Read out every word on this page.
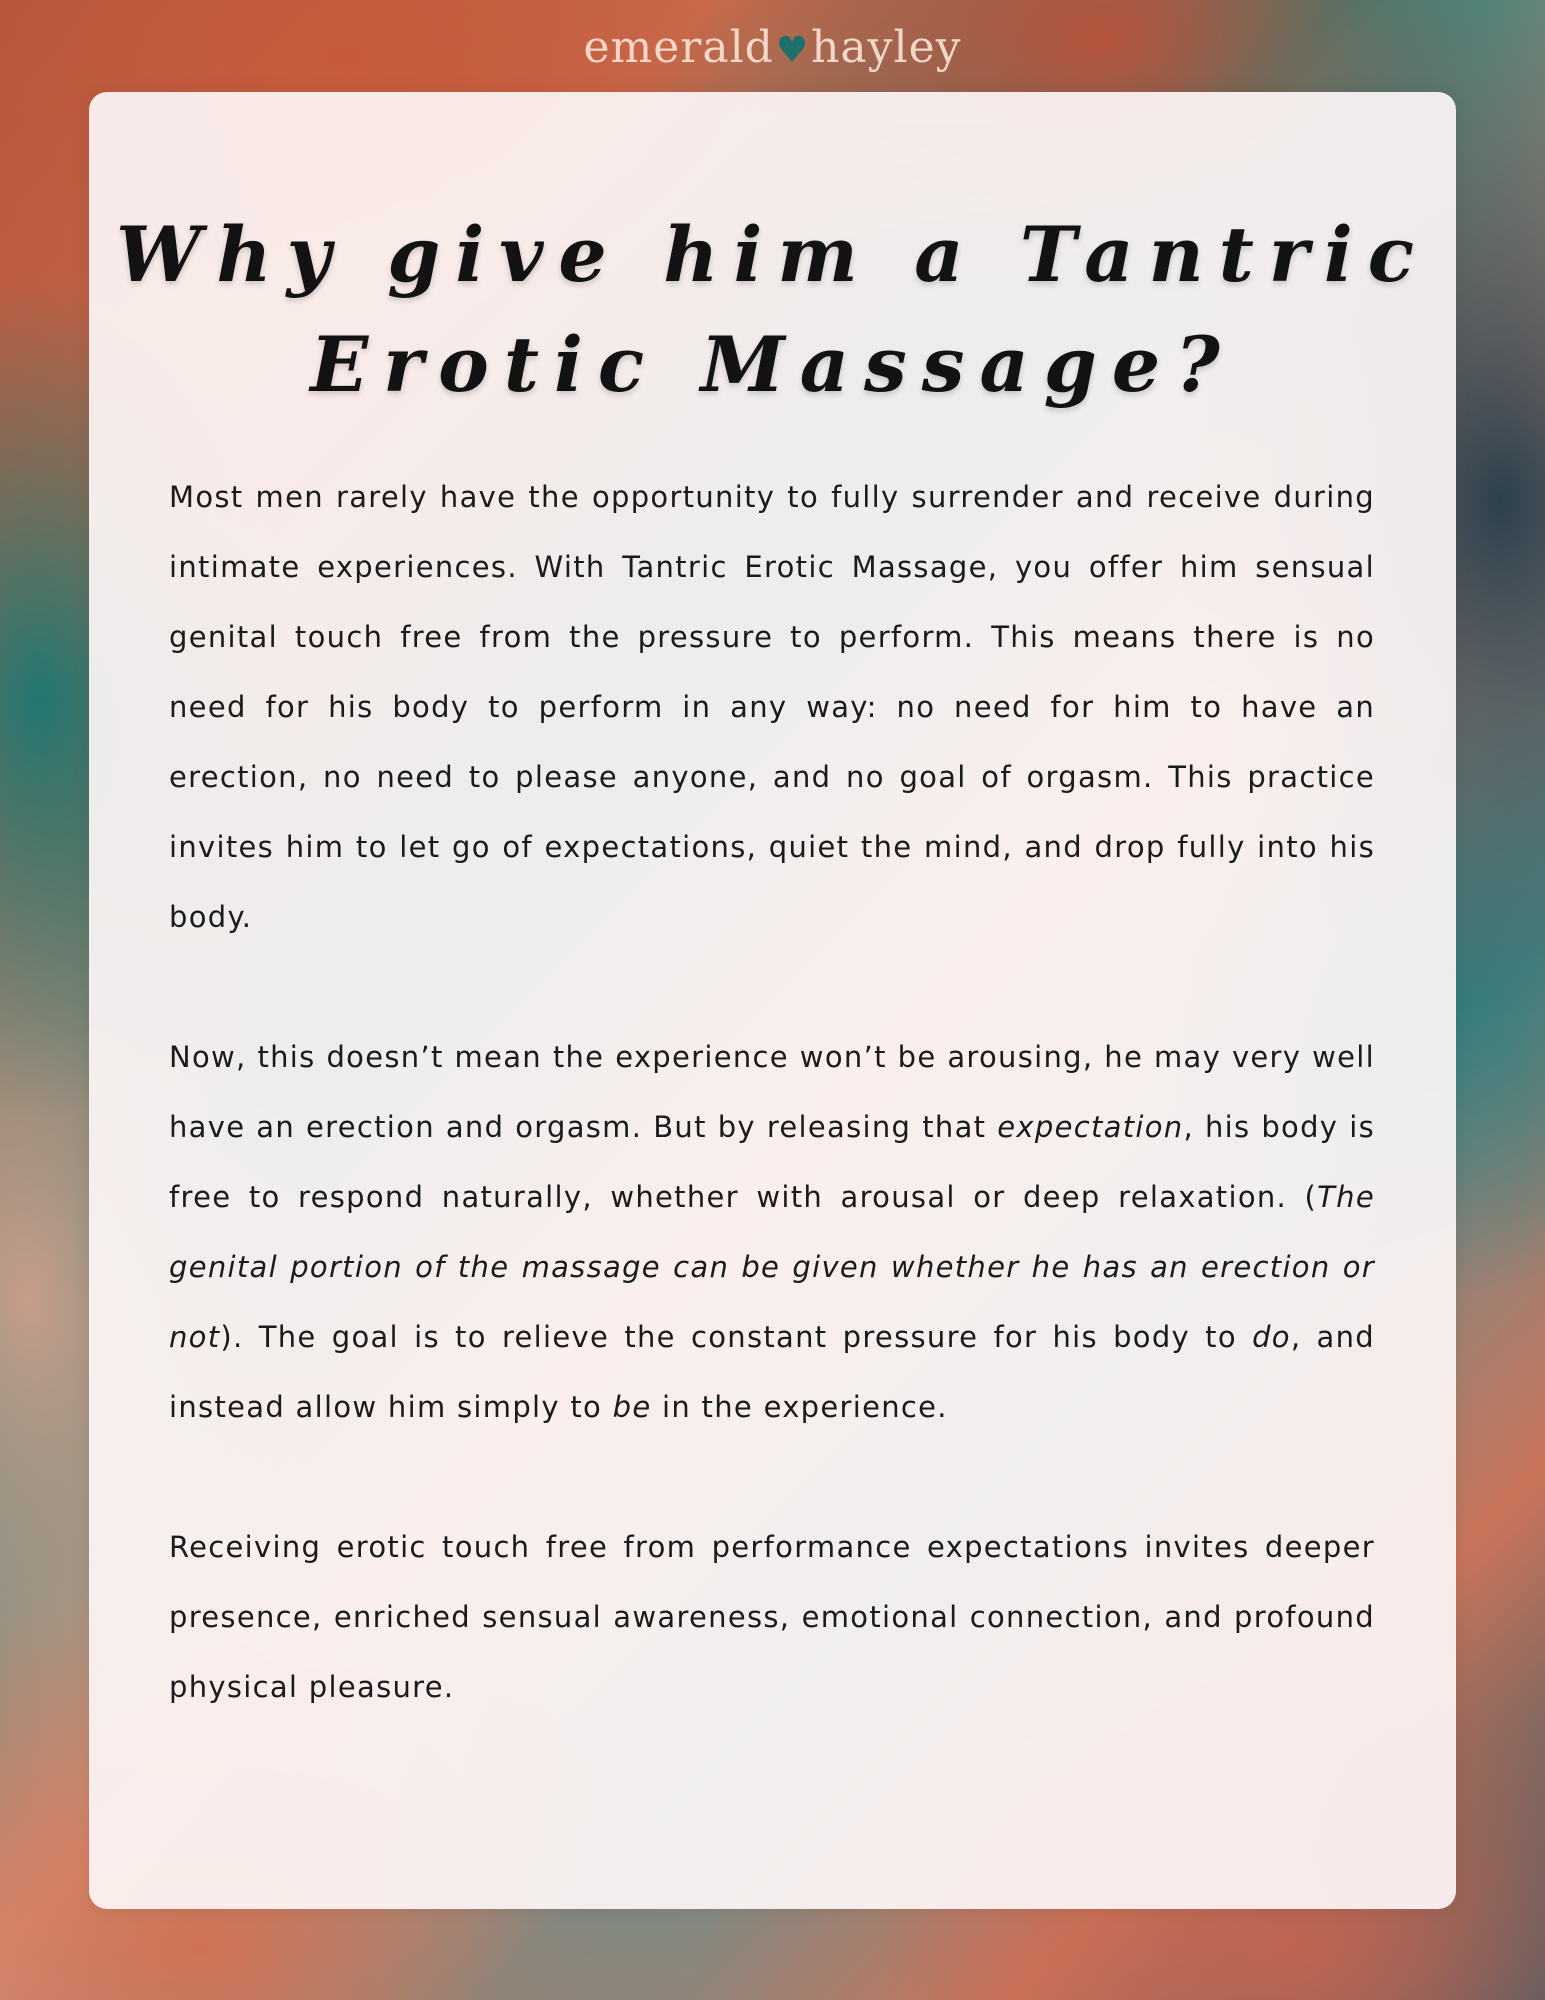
emerald♥hayley
Why give him a Tantric
Erotic Massage?

Most men rarely have the opportunity to fully surrender and receive during intimate experiences. With Tantric Erotic Massage, you offer him sensual genital touch free from the pressure to perform. This means there is no need for his body to perform in any way: no need for him to have an erection, no need to please anyone, and no goal of orgasm. This practice invites him to let go of expectations, quiet the mind, and drop fully into his body.

Now, this doesn’t mean the experience won’t be arousing, he may very well have an erection and orgasm. But by releasing that expectation, his body is free to respond naturally, whether with arousal or deep relaxation. (The genital portion of the massage can be given whether he has an erection or not). The goal is to relieve the constant pressure for his body to do, and instead allow him simply to be in the experience.

Receiving erotic touch free from performance expectations invites deeper presence, enriched sensual awareness, emotional connection, and profound physical pleasure.
